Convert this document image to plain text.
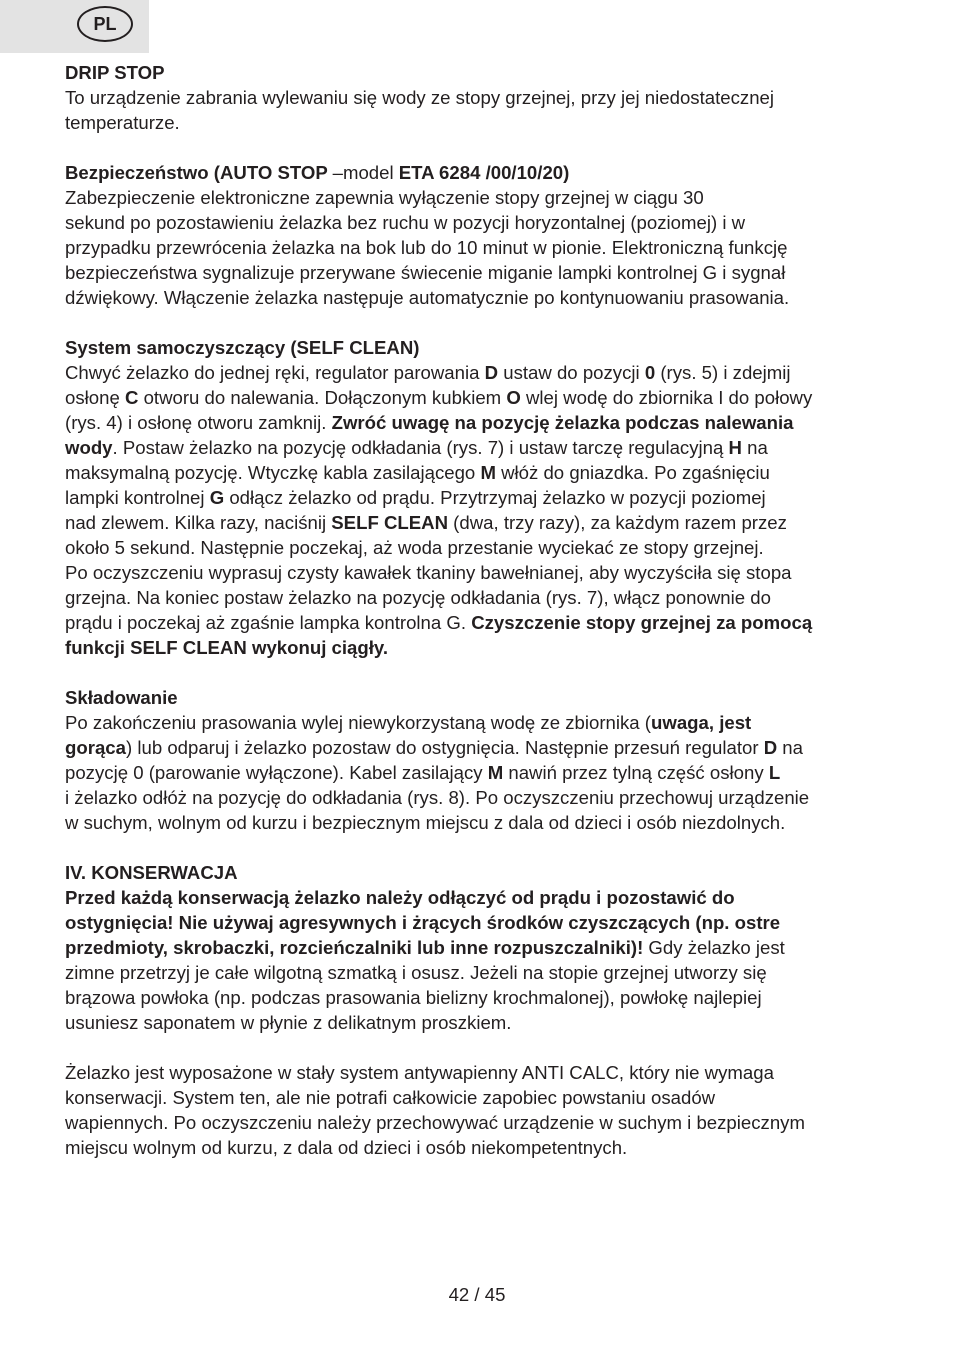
PL

DRIP STOP

To urządzenie zabrania wylewaniu się wody ze stopy grzejnej, przy jej niedostatecznej

temperaturze.

Bezpieczeństwo (AUTO STOP –model ETA 6284 /00/10/20)

Zabezpieczenie elektroniczne zapewnia wyłączenie stopy grzejnej w ciągu 30

sekund po pozostawieniu żelazka bez ruchu w pozycji horyzontalnej (poziomej) i w

przypadku przewrócenia żelazka na bok lub do 10 minut w pionie. Elektroniczną funkcję

bezpieczeństwa sygnalizuje przerywane świecenie miganie lampki kontrolnej G i sygnał

dźwiękowy. Włączenie żelazka następuje automatycznie po kontynuowaniu prasowania.

System samoczyszczący (SELF CLEAN)

Chwyć żelazko do jednej ręki, regulator parowania D ustaw do pozycji 0 (rys. 5) i zdejmij

osłonę C otworu do nalewania. Dołączonym kubkiem O wlej wodę do zbiornika I do połowy

(rys. 4) i osłonę otworu zamknij. Zwróć uwagę na pozycję żelazka podczas nalewania

wody. Postaw żelazko na pozycję odkładania (rys. 7) i ustaw tarczę regulacyjną H na

maksymalną pozycję. Wtyczkę kabla zasilającego M włóż do gniazdka. Po zgaśnięciu

lampki kontrolnej G odłącz żelazko od prądu. Przytrzymaj żelazko w pozycji poziomej

nad zlewem. Kilka razy, naciśnij SELF CLEAN (dwa, trzy razy), za każdym razem przez

około 5 sekund. Następnie poczekaj, aż woda przestanie wyciekać ze stopy grzejnej.

Po oczyszczeniu wyprasuj czysty kawałek tkaniny bawełnianej, aby wyczyściła się stopa

grzejna. Na koniec postaw żelazko na pozycję odkładania (rys. 7), włącz ponownie do

prądu i poczekaj aż zgaśnie lampka kontrolna G. Czyszczenie stopy grzejnej za pomocą

funkcji SELF CLEAN wykonuj ciągły.

Składowanie

Po zakończeniu prasowania wylej niewykorzystaną wodę ze zbiornika (uwaga, jest

gorąca) lub odparuj i żelazko pozostaw do ostygnięcia. Następnie przesuń regulator D na

pozycję 0 (parowanie wyłączone). Kabel zasilający M nawiń przez tylną część osłony L

i żelazko odłóż na pozycję do odkładania (rys. 8). Po oczyszczeniu przechowuj urządzenie

w suchym, wolnym od kurzu i bezpiecznym miejscu z dala od dzieci i osób niezdolnych.

IV. KONSERWACJA

Przed każdą konserwacją żelazko należy odłączyć od prądu i pozostawić do

ostygnięcia! Nie używaj agresywnych i żrących środków czyszczących (np. ostre

przedmioty, skrobaczki, rozcieńczalniki lub inne rozpuszczalniki)! Gdy żelazko jest

zimne przetrzyj je całe wilgotną szmatką i osusz. Jeżeli na stopie grzejnej utworzy się

brązowa powłoka (np. podczas prasowania bielizny krochmalonej), powłokę najlepiej

usuniesz saponatem w płynie z delikatnym proszkiem.

Żelazko jest wyposażone w stały system antywapienny ANTI CALC, który nie wymaga

konserwacji. System ten, ale nie potrafi całkowicie zapobiec powstaniu osadów

wapiennych. Po oczyszczeniu należy przechowywać urządzenie w suchym i bezpiecznym

miejscu wolnym od kurzu, z dala od dzieci i osób niekompetentnych.

42 / 45
